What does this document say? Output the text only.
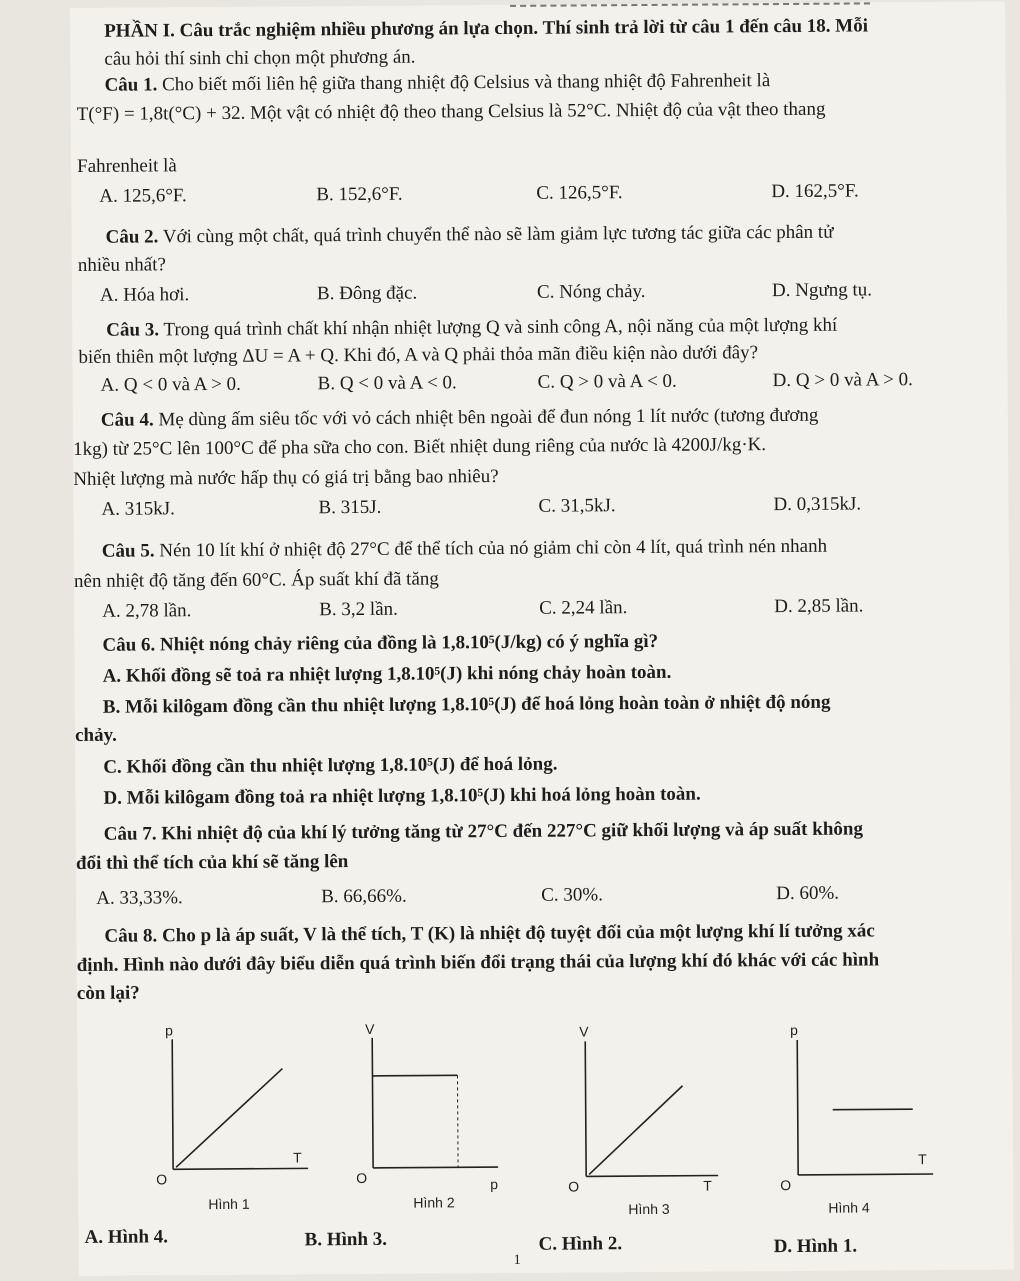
PHẦN I. Câu trắc nghiệm nhiều phương án lựa chọn. Thí sinh trả lời từ câu 1 đến câu 18. Mỗi
câu hỏi thí sinh chỉ chọn một phương án.
Câu 1. Cho biết mối liên hệ giữa thang nhiệt độ Celsius và thang nhiệt độ Fahrenheit là
T(°F) = 1,8t(°C) + 32. Một vật có nhiệt độ theo thang Celsius là 52°C. Nhiệt độ của vật theo thang
Fahrenheit là
A. 125,6°F.	B. 152,6°F.	C. 126,5°F.	D. 162,5°F.
Câu 2. Với cùng một chất, quá trình chuyển thể nào sẽ làm giảm lực tương tác giữa các phân tử
nhiều nhất?
A. Hóa hơi.	B. Đông đặc.	C. Nóng chảy.	D. Ngưng tụ.
Câu 3. Trong quá trình chất khí nhận nhiệt lượng Q và sinh công A, nội năng của một lượng khí
biến thiên một lượng ΔU = A + Q. Khi đó, A và Q phải thỏa mãn điều kiện nào dưới đây?
A. Q < 0 và A > 0.	B. Q < 0 và A < 0.	C. Q > 0 và A < 0.	D. Q > 0 và A > 0.
Câu 4. Mẹ dùng ấm siêu tốc với vỏ cách nhiệt bên ngoài để đun nóng 1 lít nước (tương đương
1kg) từ 25°C lên 100°C để pha sữa cho con. Biết nhiệt dung riêng của nước là 4200J/kg·K.
Nhiệt lượng mà nước hấp thụ có giá trị bằng bao nhiêu?
A. 315kJ.	B. 315J.	C. 31,5kJ.	D. 0,315kJ.
Câu 5. Nén 10 lít khí ở nhiệt độ 27°C để thể tích của nó giảm chỉ còn 4 lít, quá trình nén nhanh
nên nhiệt độ tăng đến 60°C. Áp suất khí đã tăng
A. 2,78 lần.	B. 3,2 lần.	C. 2,24 lần.	D. 2,85 lần.
Câu 6. Nhiệt nóng chảy riêng của đồng là 1,8.10⁵(J/kg) có ý nghĩa gì?
A. Khối đồng sẽ toả ra nhiệt lượng 1,8.10⁵(J) khi nóng chảy hoàn toàn.
B. Mỗi kilôgam đồng cần thu nhiệt lượng 1,8.10⁵(J) để hoá lỏng hoàn toàn ở nhiệt độ nóng
chảy.
C. Khối đồng cần thu nhiệt lượng 1,8.10⁵(J) để hoá lỏng.
D. Mỗi kilôgam đồng toả ra nhiệt lượng 1,8.10⁵(J) khi hoá lỏng hoàn toàn.
Câu 7. Khi nhiệt độ của khí lý tưởng tăng từ 27°C đến 227°C giữ khối lượng và áp suất không
đổi thì thể tích của khí sẽ tăng lên
A. 33,33%.	B. 66,66%.	C. 30%.	D. 60%.
Câu 8. Cho p là áp suất, V là thể tích, T (K) là nhiệt độ tuyệt đối của một lượng khí lí tưởng xác
định. Hình nào dưới đây biểu diễn quá trình biến đổi trạng thái của lượng khí đó khác với các hình
còn lại?
p
T
O
Hình 1
V
p
O
Hình 2
V
T
O
Hình 3
p
T
O
Hình 4
A. Hình 4.	B. Hình 3.	C. Hình 2.	D. Hình 1.
1
